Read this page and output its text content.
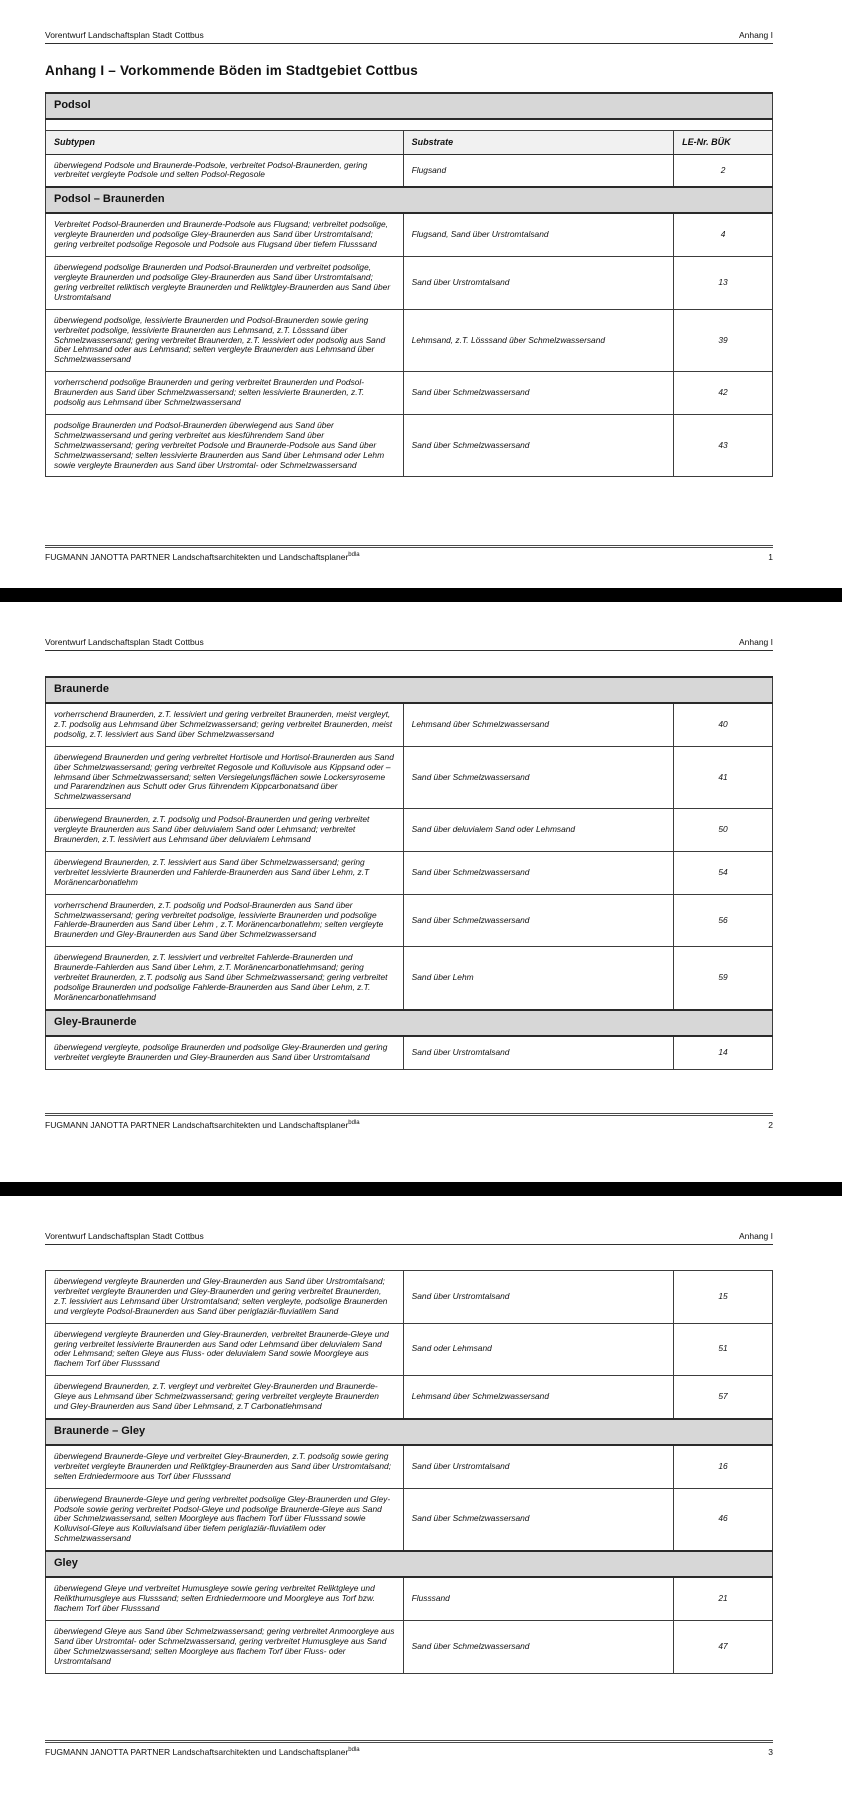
Vorentwurf Landschaftsplan Stadt Cottbus	Anhang I
Anhang I – Vorkommende Böden im Stadtgebiet Cottbus
Podsol		

Subtypen	Substrate	LE-Nr. BÜK
überwiegend Podsole und Braunerde-Podsole, verbreitet Podsol-Braunerden, gering verbreitet vergleyte Podsole und selten Podsol-Regosole	Flugsand	2
Podsol – Braunerden		
Verbreitet Podsol-Braunerden und Braunerde-Podsole aus Flugsand; verbreitet podsolige, vergleyte Braunerden und podsolige Gley-Braunerden aus Sand über Urstromtalsand; gering verbreitet podsolige Regosole und Podsole aus Flugsand über tiefem Flusssand	Flugsand, Sand über Urstromtalsand	4
überwiegend podsolige Braunerden und Podsol-Braunerden und verbreitet podsolige, vergleyte Braunerden und podsolige Gley-Braunerden aus Sand über Urstromtalsand; gering verbreitet reliktisch vergleyte Braunerden und Reliktgley-Braunerden aus Sand über Urstromtalsand	Sand über Urstromtalsand	13
überwiegend podsolige, lessivierte Braunerden und Podsol-Braunerden sowie gering verbreitet podsolige, lessivierte Braunerden aus Lehmsand, z.T. Lösssand über Schmelzwassersand; gering verbreitet Braunerden, z.T. lessiviert oder podsolig aus Sand über Lehmsand oder aus Lehmsand; selten vergleyte Braunerden aus Lehmsand über Schmelzwassersand	Lehmsand, z.T. Lösssand über Schmelzwassersand	39
vorherrschend podsolige Braunerden und gering verbreitet Braunerden und Podsol-Braunerden aus Sand über Schmelzwassersand; selten lessivierte Braunerden, z.T. podsolig aus Lehmsand über Schmelzwassersand	Sand über Schmelzwassersand	42
podsolige Braunerden und Podsol-Braunerden überwiegend aus Sand über Schmelzwassersand und gering verbreitet aus kiesführendem Sand über Schmelzwassersand; gering verbreitet Podsole und Braunerde-Podsole aus Sand über Schmelzwassersand; selten lessivierte Braunerden aus Sand über Lehmsand oder Lehm sowie vergleyte Braunerden aus Sand über Urstromtal- oder Schmelzwassersand	Sand über Schmelzwassersand	43
FUGMANN JANOTTA PARTNER Landschaftsarchitekten und Landschaftsplaner$^{bdla}$	1
Vorentwurf Landschaftsplan Stadt Cottbus	Anhang I
Braunerde		
vorherrschend Braunerden, z.T. lessiviert und gering verbreitet Braunerden, meist vergleyt, z.T. podsolig aus Lehmsand über Schmelzwassersand; gering verbreitet Braunerden, meist podsolig, z.T. lessiviert aus Sand über Schmelzwassersand	Lehmsand über Schmelzwassersand	40
überwiegend Braunerden und gering verbreitet Hortisole und Hortisol-Braunerden aus Sand über Schmelzwassersand; gering verbreitet Regosole und Kolluvisole aus Kippsand oder –lehmsand über Schmelzwassersand; selten Versiegelungsflächen sowie Lockersyroseme und Pararendzinen aus Schutt oder Grus führendem Kippcarbonatsand über Schmelzwassersand	Sand über Schmelzwassersand	41
überwiegend Braunerden, z.T. podsolig und Podsol-Braunerden und gering verbreitet vergleyte Braunerden aus Sand über deluvialem Sand oder Lehmsand; verbreitet Braunerden, z.T. lessiviert aus Lehmsand über deluvialem Lehmsand	Sand über deluvialem Sand oder Lehmsand	50
überwiegend Braunerden, z.T. lessiviert aus Sand über Schmelzwassersand; gering verbreitet lessivierte Braunerden und Fahlerde-Braunerden aus Sand über Lehm, z.T Moränencarbonatlehm	Sand über Schmelzwassersand	54
vorherrschend Braunerden, z.T. podsolig und Podsol-Braunerden aus Sand über Schmelzwassersand; gering verbreitet podsolige, lessivierte Braunerden und podsolige Fahlerde-Braunerden aus Sand über Lehm , z.T. Moränencarbonatlehm; selten vergleyte Braunerden und Gley-Braunerden aus Sand über Schmelzwassersand	Sand über Schmelzwassersand	56
überwiegend Braunerden, z.T. lessiviert und verbreitet Fahlerde-Braunerden und Braunerde-Fahlerden aus Sand über Lehm, z.T. Moränencarbonatlehmsand; gering verbreitet Braunerden, z.T. podsolig aus Sand über Schmelzwassersand; gering verbreitet podsolige Braunerden und podsolige Fahlerde-Braunerden aus Sand über Lehm, z.T. Moränencarbonatlehmsand	Sand über Lehm	59
Gley-Braunerde		
überwiegend vergleyte, podsolige Braunerden und podsolige Gley-Braunerden und gering verbreitet vergleyte Braunerden und Gley-Braunerden aus Sand über Urstromtalsand	Sand über Urstromtalsand	14
FUGMANN JANOTTA PARTNER Landschaftsarchitekten und Landschaftsplaner$^{bdla}$	2
Vorentwurf Landschaftsplan Stadt Cottbus	Anhang I
überwiegend vergleyte Braunerden und Gley-Braunerden aus Sand über Urstromtalsand; verbreitet vergleyte Braunerden und Gley-Braunerden und gering verbreitet Braunerden, z.T. lessiviert aus Lehmsand über Urstromtalsand; selten vergleyte, podsolige Braunerden und vergleyte Podsol-Braunerden aus Sand über periglaziär-fluviatilem Sand	Sand über Urstromtalsand	15
überwiegend vergleyte Braunerden und Gley-Braunerden, verbreitet Braunerde-Gleye und gering verbreitet lessivierte Braunerden aus Sand oder Lehmsand über deluvialem Sand oder Lehmsand; selten Gleye aus Fluss- oder deluvialem Sand sowie Moorgleye aus flachem Torf über Flusssand	Sand oder Lehmsand	51
überwiegend Braunerden, z.T. vergleyt und verbreitet Gley-Braunerden und Braunerde-Gleye aus Lehmsand über Schmelzwassersand; gering verbreitet vergleyte Braunerden und Gley-Braunerden aus Sand über Lehmsand, z.T Carbonatlehmsand	Lehmsand über Schmelzwassersand	57
Braunerde – Gley		
überwiegend Braunerde-Gleye und verbreitet Gley-Braunerden, z.T. podsolig sowie gering verbreitet vergleyte Braunerden und Reliktgley-Braunerden aus Sand über Urstromtalsand; selten Erdniedermoore aus Torf über Flusssand	Sand über Urstromtalsand	16
überwiegend Braunerde-Gleye und gering verbreitet podsolige Gley-Braunerden und Gley-Podsole sowie gering verbreitet Podsol-Gleye und podsolige Braunerde-Gleye aus Sand über Schmelzwassersand, selten Moorgleye aus flachem Torf über Flusssand sowie Kolluvisol-Gleye aus Kolluvialsand über tiefem periglaziär-fluviatilem oder Schmelzwassersand	Sand über Schmelzwassersand	46
Gley		
überwiegend Gleye und verbreitet Humusgleye sowie gering verbreitet Reliktgleye und Relikthumusgleye aus Flusssand; selten Erdniedermoore und Moorgleye aus Torf bzw. flachem Torf über Flusssand	Flusssand	21
überwiegend Gleye aus Sand über Schmelzwassersand; gering verbreitet Anmoorgleye aus Sand über Urstromtal- oder Schmelzwassersand, gering verbreitet Humusgleye aus Sand über Schmelzwassersand; selten Moorgleye aus flachem Torf über Fluss- oder Urstromtalsand	Sand über Schmelzwassersand	47
FUGMANN JANOTTA PARTNER Landschaftsarchitekten und Landschaftsplaner$^{bdla}$	3
